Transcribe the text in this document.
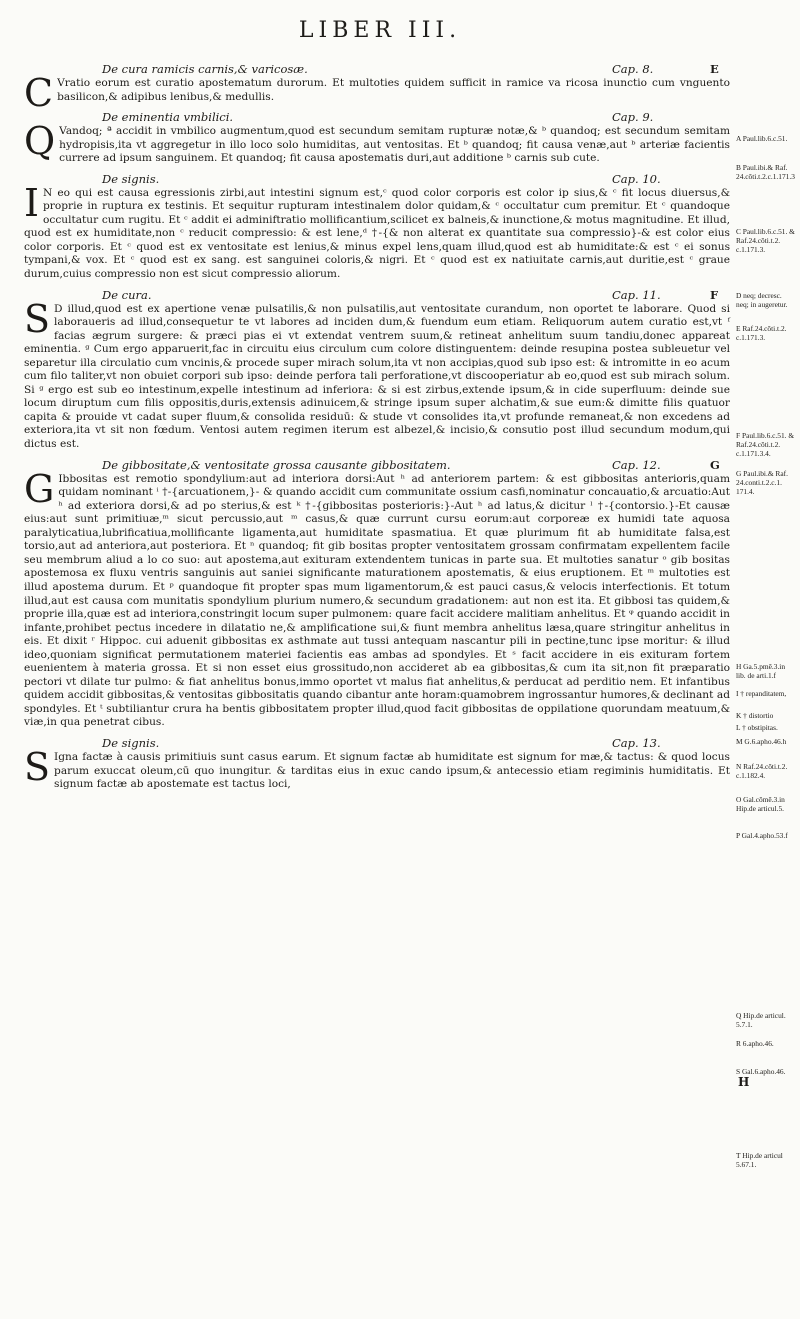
LIBER III.
De cura ramicis carnis,& varicosæ.	Cap. 8.	E

C Vratio eorum est curatio apostematum durorum. Et multoties quidem sufficit in ramice va ricosa inunctio cum vnguento basilicon,& adipibus lenibus,& medullis.

De eminentia vmbilici.	Cap. 9.

Q Vandoq; ª accidit in vmbilico augmentum,quod est secundum semitam rupturæ notæ,& ᵇ quandoq; est secundum semitam hydropisis,ita vt aggregetur in illo loco solo humiditas, aut ventositas. Et ᵇ quandoq; fit causa venæ,aut ᵇ arteriæ facientis currere ad ipsum sanguinem. Et quandoq; fit causa apostematis duri,aut additione ᵇ carnis sub cute.

De signis.	Cap. 10.

I N eo qui est causa egressionis zirbi,aut intestini signum est,ᶜ quod color corporis est color ip sius,& ᶜ fit locus diuersus,& proprie in ruptura ex testinis. Et sequitur rupturam intestinalem dolor quidam,& ᶜ occultatur cum premitur. Et ᶜ quandoque occultatur cum rugitu. Et ᶜ addit ei adminiftratio mollificantium,scilicet ex balneis,& inunctione,& motus magnitudine. Et illud, quod est ex humiditate,non ᶜ reducit compressio: & est lene,ᵈ †-{& non alterat ex quantitate sua compressio}-& est color eius color corporis. Et ᶜ quod est ex ventositate est lenius,& minus expel lens,quam illud,quod est ab humiditate:& est ᶜ ei sonus tympani,& vox. Et ᶜ quod est ex sang. est sanguinei coloris,& nigri. Et ᶜ quod est ex natiuitate carnis,aut duritie,est ᶜ graue durum,cuius compressio non est sicut compressio aliorum.

De cura.	Cap. 11.	F

S D illud,quod est ex apertione venæ pulsatilis,& non pulsatilis,aut ventositate curandum, non oportet te laborare. Quod si laboraueris ad illud,consequetur te vt labores ad inciden dum,& fuendum eum etiam. Reliquorum autem curatio est,vt ᶠ facias ægrum surgere: & præci pias ei vt extendat ventrem suum,& retineat anhelitum suum tandiu,donec appareat eminentia. ᵍ Cum ergo apparuerit,fac in circuitu eius circulum cum colore distinguentem: deinde resupina postea subleuetur vel separetur illa circulatio cum vncinis,& procede super mirach solum,ita vt non accipias,quod sub ipso est: & intromitte in eo acum cum filo taliter,vt non obuiet corpori sub ipso: deinde perfora tali perforatione,vt discooperiatur ab eo,quod est sub mirach solum. Si ᵍ ergo est sub eo intestinum,expelle intestinum ad inferiora: & si est zirbus,extende ipsum,& in cide superfluum: deinde sue locum diruptum cum filis oppositis,duris,extensis adinuicem,& stringe ipsum super alchatim,& sue eum:& dimitte filis quatuor capita & prouide vt cadat super fluum,& consolida residuū: & stude vt consolides ita,vt profunde remaneat,& non excedens ad exteriora,ita vt sit non fœdum. Ventosi autem regimen iterum est albezel,& incisio,& consutio post illud secundum modum,qui dictus est.

De gibbositate,& ventositate grossa causante gibbositatem.	Cap. 12.	G

G Ibbositas est remotio spondylium:aut ad interiora dorsi:Aut ʰ ad anteriorem partem: & est gibbositas anterioris,quam quidam nominant ⁱ †-{arcuationem,}- & quando accidit cum communitate ossium casfi,nominatur concauatio,& arcuatio:Aut ʰ ad exteriora dorsi,& ad po sterius,& est ᵏ †-{gibbositas posterioris:}-Aut ʰ ad latus,& dicitur ˡ †-{contorsio.}-Et causæ eius:aut sunt primitiuæ,ᵐ sicut percussio,aut ᵐ casus,& quæ currunt cursu eorum:aut corporeæ ex humidi tate aquosa paralyticatiua,lubrificatiua,mollificante ligamenta,aut humiditate spasmatiua. Et quæ plurimum fit ab humiditate falsa,est torsio,aut ad anteriora,aut posteriora. Et ⁿ quandoq; fit gib bositas propter ventositatem grossam confirmatam expellentem facile seu membrum aliud a lo co suo: aut apostema,aut exituram extendentem tunicas in parte sua. Et multoties sanatur ᵒ gib bositas apostemosa ex fluxu ventris sanguinis aut saniei significante maturationem apostematis, & eius eruptionem. Et ᵐ multoties est illud apostema durum. Et ᵖ quandoque fit propter spas mum ligamentorum,& est pauci casus,& velocis interfectionis. Et totum illud,aut est causa com munitatis spondylium plurium numero,& secundum gradationem: aut non est ita. Et gibbosi tas quidem,& proprie illa,quæ est ad interiora,constringit locum super pulmonem: quare facit accidere malitiam anhelitus. Et ᵠ quando accidit in infante,prohibet pectus incedere in dilatatio ne,& amplificatione sui,& fiunt membra anhelitus læsa,quare stringitur anhelitus in eis. Et dixit ʳ Hippoc. cui aduenit gibbositas ex asthmate aut tussi antequam nascantur pili in pectine,tunc ipse moritur: & illud ideo,quoniam significat permutationem materiei facientis eas ambas ad spondyles. Et ˢ facit accidere in eis exituram fortem euenientem à materia grossa. Et si non esset eius grossitudo,non accideret ab ea gibbositas,& cum ita sit,non fit præparatio pectori vt dilate tur pulmo: & fiat anhelitus bonus,immo oportet vt malus fiat anhelitus,& perducat ad perditio nem. Et infantibus quidem accidit gibbositas,& ventositas gibbositatis quando cibantur ante horam:quamobrem ingrossantur humores,& declinant ad spondyles. Et ᵗ subtiliantur crura ha bentis gibbositatem propter illud,quod facit gibbositas de oppilatione quorundam meatuum,& viæ,in qua penetrat cibus.

De signis.	Cap. 13.

S Igna factæ à causis primitiuis sunt casus earum. Et signum factæ ab humiditate est signum for mæ,& tactus: & quod locus parum exuccat oleum,cū quo inungitur. & tarditas eius in exuc cando ipsum,& antecessio etiam regiminis humiditatis. Et signum factæ ab apostemate est tactus loci,

H
A Paul.lib.6.c.51.
B Paul.ibi.& Raf. 24.cōti.t.2.c.1.171.3
C Paul.lib.6.c.51. & Raf.24.cōti.t.2. c.1.171.3.
D neq; decresc. neq; in augeretur.
E Raf.24.cōti.t.2. c.1.171.3.
F Paul.lib.6.c.51. & Raf.24.cōti.t.2. c.1.171.3.4.
G Paul.ibi.& Raf. 24.conti.t.2.c.1. 171.4.
H Ga.5.pmē.3.in lib. de arti.1.f
I † repanditatem,
K † distortio
L † obstipitas.
M G.6.apho.46.h
N Raf.24.cōti.t.2. c.1.182.4.
O Gal.cōmē.3.in Hip.de articul.5.
P Gal.4.apho.53.f
Q Hip.de articul. 5.7.1.
R 6.apho.46.
S Gal.6.apho.46.
T Hip.de articul 5.67.1.
